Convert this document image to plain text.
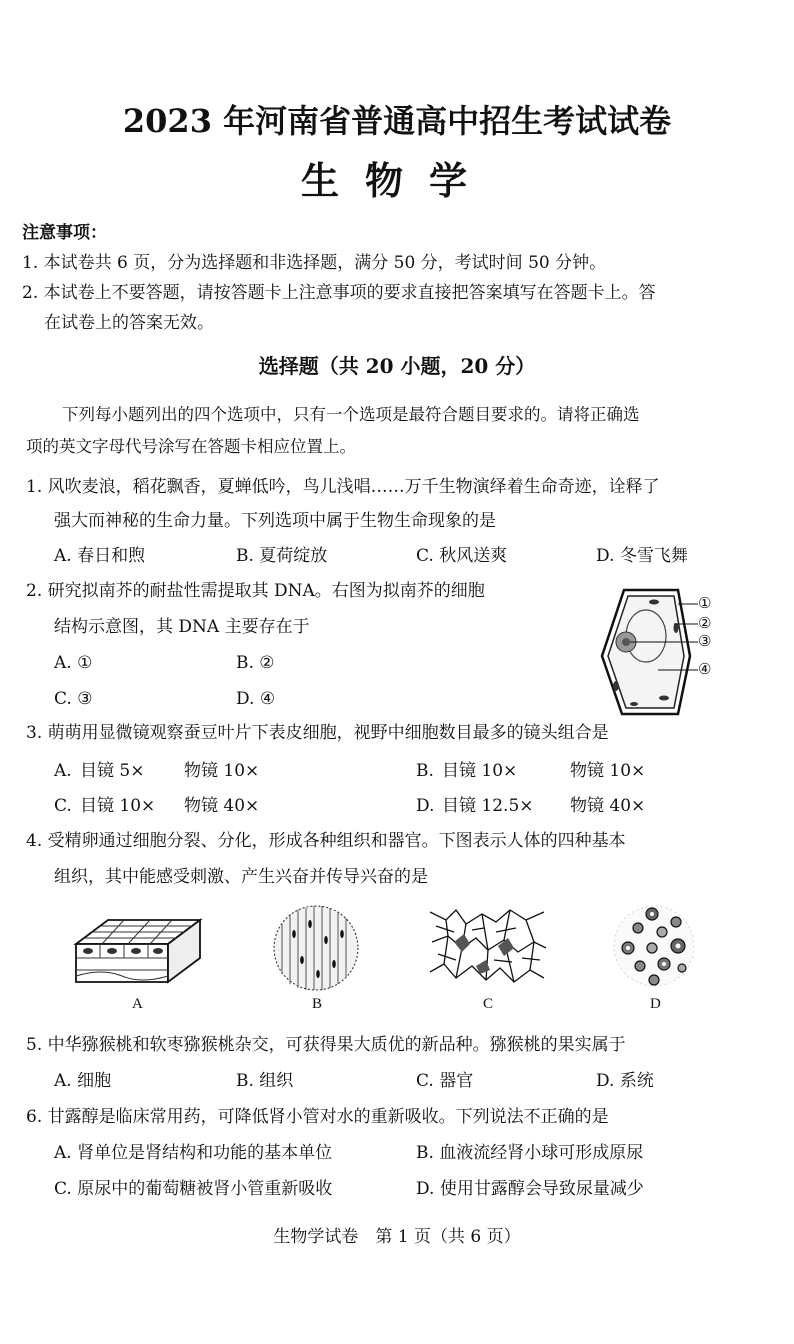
2023 年河南省普通高中招生考试试卷
生物学
注意事项：
1. 本试卷共 6 页，分为选择题和非选择题，满分 50 分，考试时间 50 分钟。
2. 本试卷上不要答题，请按答题卡上注意事项的要求直接把答案填写在答题卡上。答
在试卷上的答案无效。
选择题（共 20 小题，20 分）
下列每小题列出的四个选项中，只有一个选项是最符合题目要求的。请将正确选
项的英文字母代号涂写在答题卡相应位置上。
1. 风吹麦浪，稻花飘香，夏蝉低吟，鸟儿浅唱……万千生物演绎着生命奇迹，诠释了
强大而神秘的生命力量。下列选项中属于生物生命现象的是
A. 春日和煦	B. 夏荷绽放	C. 秋风送爽	D. 冬雪飞舞
2. 研究拟南芥的耐盐性需提取其 DNA。右图为拟南芥的细胞
结构示意图，其 DNA 主要存在于
A. ①	B. ②
C. ③	D. ④
①
②
③
④
3. 萌萌用显微镜观察蚕豆叶片下表皮细胞，视野中细胞数目最多的镜头组合是
A. 目镜 5× 物镜 10×	B. 目镜 10×	物镜 10×
C. 目镜 10× 物镜 40×	D. 目镜 12.5× 物镜 40×
4. 受精卵通过细胞分裂、分化，形成各种组织和器官。下图表示人体的四种基本
组织，其中能感受刺激、产生兴奋并传导兴奋的是
A	B	C	D
5. 中华猕猴桃和软枣猕猴桃杂交，可获得果大质优的新品种。猕猴桃的果实属于
A. 细胞	B. 组织	C. 器官	D. 系统
6. 甘露醇是临床常用药，可降低肾小管对水的重新吸收。下列说法不正确的是
A. 肾单位是肾结构和功能的基本单位	B. 血液流经肾小球可形成原尿
C. 原尿中的葡萄糖被肾小管重新吸收	D. 使用甘露醇会导致尿量减少
生物学试卷　第 1 页（共 6 页）
